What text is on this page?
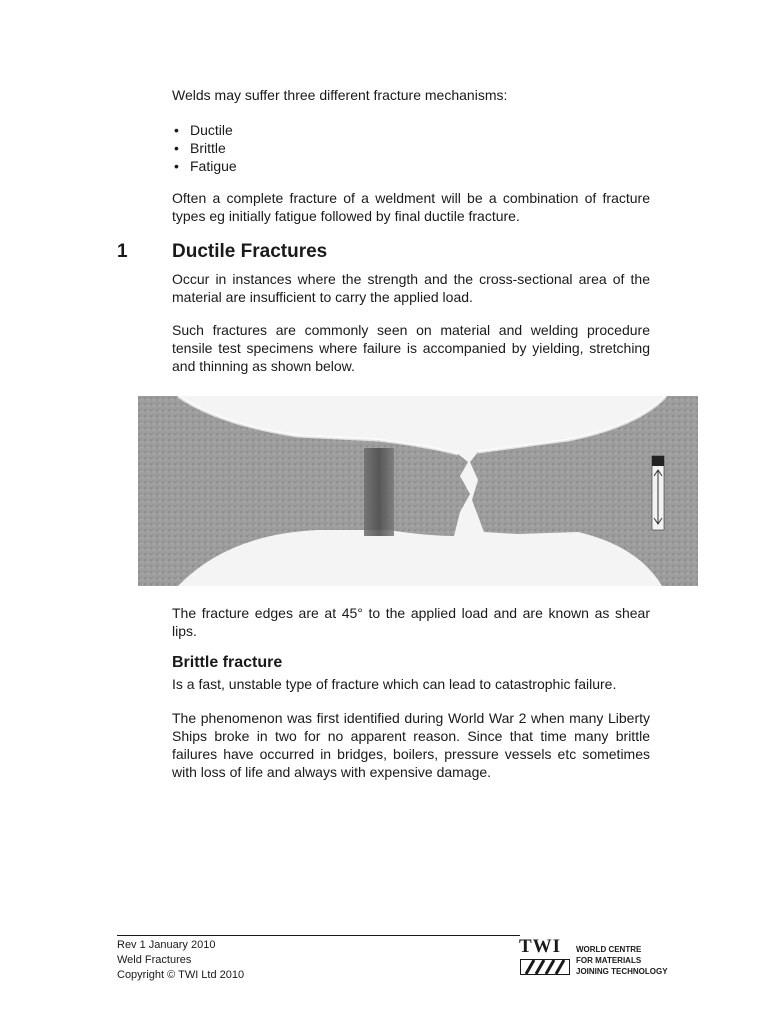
Welds may suffer three different fracture mechanisms:

• Ductile
• Brittle
• Fatigue

Often a complete fracture of a weldment will be a combination of fracture types eg initially fatigue followed by final ductile fracture.

1 Ductile Fractures

Occur in instances where the strength and the cross-sectional area of the material are insufficient to carry the applied load.

Such fractures are commonly seen on material and welding procedure tensile test specimens where failure is accompanied by yielding, stretching and thinning as shown below.

The fracture edges are at 45° to the applied load and are known as shear lips.

Brittle fracture

Is a fast, unstable type of fracture which can lead to catastrophic failure.

The phenomenon was first identified during World War 2 when many Liberty Ships broke in two for no apparent reason. Since that time many brittle failures have occurred in bridges, boilers, pressure vessels etc sometimes with loss of life and always with expensive damage.

Rev 1 January 2010
Weld Fractures
Copyright © TWI Ltd 2010
TWI WORLD CENTRE
FOR MATERIALS
JOINING TECHNOLOGY
